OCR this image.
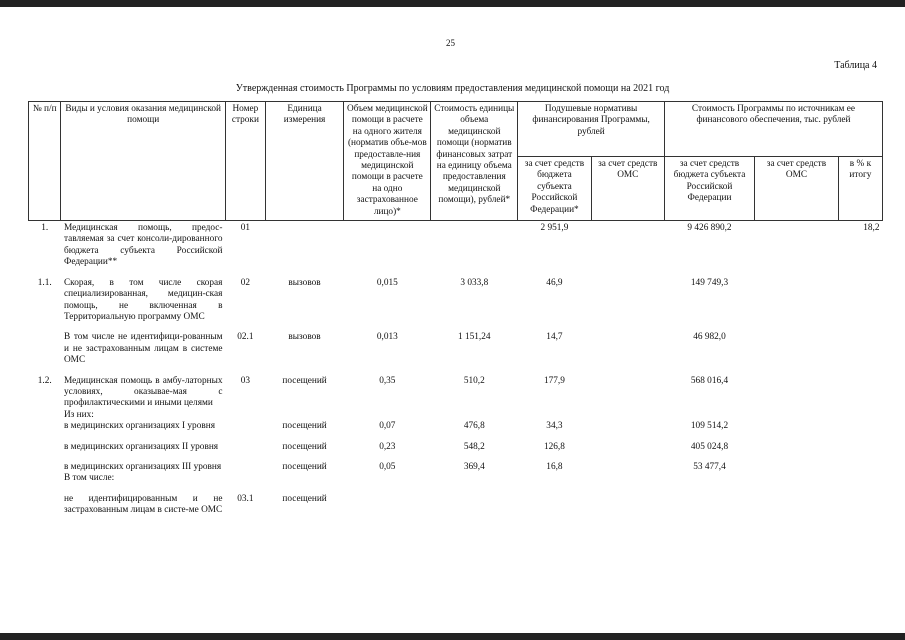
25
Таблица 4
Утвержденная стоимость Программы по условиям предоставления медицинской помощи на 2021 год
№ п/п	Виды и условия оказания медицинской помощи	Номер строки	Единица измерения	Объем медицинской помощи в расчете на одного жителя (норматив объе-мов предоставле-ния медицинской помощи в расчете на одно застрахованное лицо)*	Стоимость единицы объема медицинской помощи (норматив финансовых затрат на единицу объема предоставления медицинской помощи), рублей*	Подушевые нормативы финансирования Программы, рублей		Стоимость Программы по источникам ее финансового обеспечения, тыс. рублей		
						за счет средств бюджета субъекта Российской Федерации*	за счет средств ОМС	за счет средств бюджета субъекта Российской Федерации	за счет средств ОМС	в % к итогу
1.	Медицинская помощь, предос-тавляемая за счет консоли-дированного бюджета субъекта Российской Федерации**	01				2 951,9		9 426 890,2		18,2

1.1.	Скорая, в том числе скорая специализированная, медицин-ская помощь, не включенная в Территориальную программу ОМС	02	вызовов	0,015	3 033,8	46,9		149 749,3		

	В том числе не идентифици-рованным и не застрахованным лицам в системе ОМС	02.1	вызовов	0,013	1 151,24	14,7		46 982,0		

1.2.	Медицинская помощь в амбу-латорных условиях, оказывае-мая с профилактическими и иными целями	03	посещений	0,35	510,2	177,9		568 016,4		
	Из них:									
	в медицинских организациях I уровня		посещений	0,07	476,8	34,3		109 514,2		

	в медицинских организациях II уровня		посещений	0,23	548,2	126,8		405 024,8		

	в медицинских организациях III уровня		посещений	0,05	369,4	16,8		53 477,4		
	В том числе:									

	не идентифицированным и не застрахованным лицам в систе-ме ОМС	03.1	посещений							
